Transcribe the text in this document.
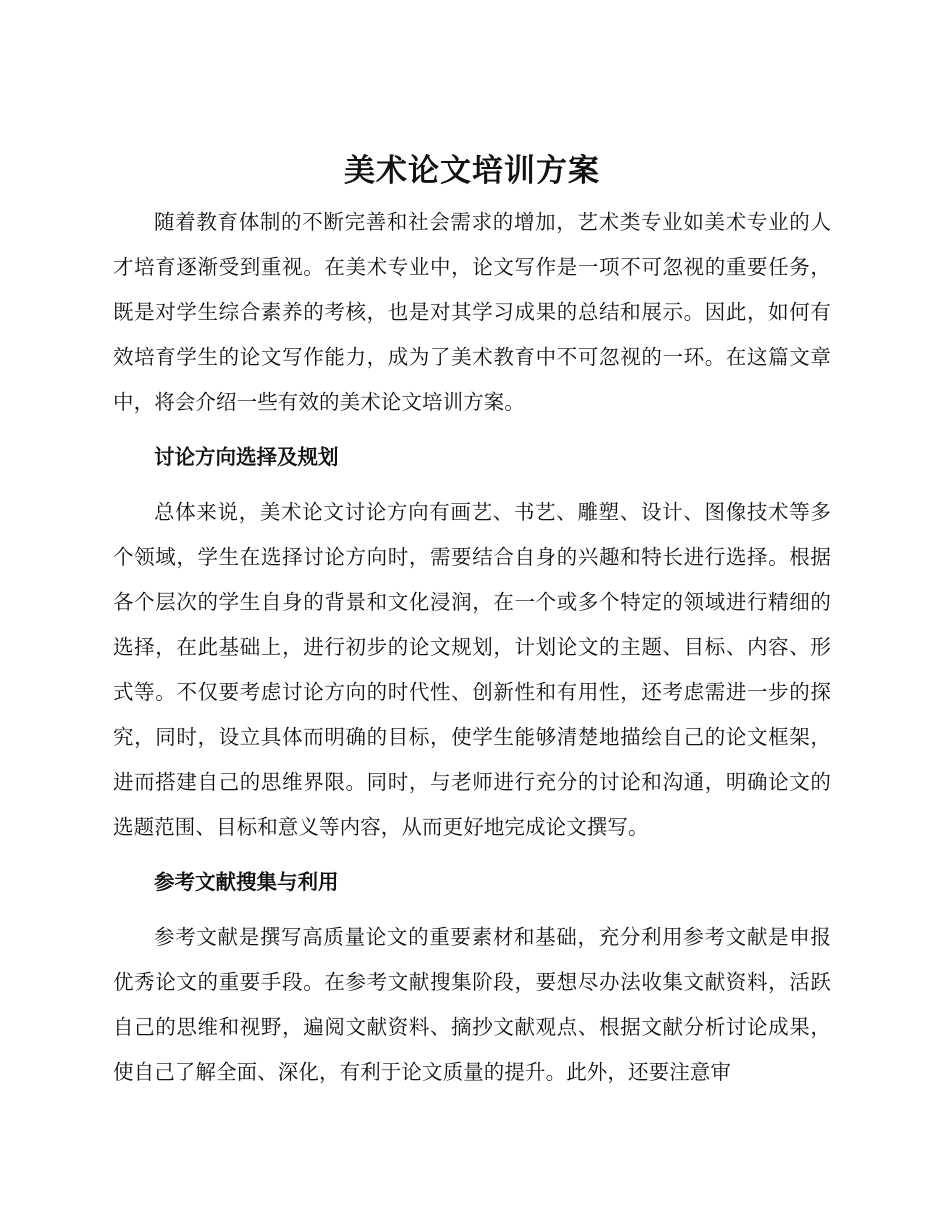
美术论文培训方案

随着教育体制的不断完善和社会需求的增加，艺术类专业如美术专业的人才培育逐渐受到重视。在美术专业中，论文写作是一项不可忽视的重要任务，既是对学生综合素养的考核，也是对其学习成果的总结和展示。因此，如何有效培育学生的论文写作能力，成为了美术教育中不可忽视的一环。在这篇文章中，将会介绍一些有效的美术论文培训方案。

讨论方向选择及规划

总体来说，美术论文讨论方向有画艺、书艺、雕塑、设计、图像技术等多个领域，学生在选择讨论方向时，需要结合自身的兴趣和特长进行选择。根据各个层次的学生自身的背景和文化浸润，在一个或多个特定的领域进行精细的选择，在此基础上，进行初步的论文规划，计划论文的主题、目标、内容、形式等。不仅要考虑讨论方向的时代性、创新性和有用性，还考虑需进一步的探究，同时，设立具体而明确的目标，使学生能够清楚地描绘自己的论文框架，进而搭建自己的思维界限。同时，与老师进行充分的讨论和沟通，明确论文的选题范围、目标和意义等内容，从而更好地完成论文撰写。

参考文献搜集与利用

参考文献是撰写高质量论文的重要素材和基础，充分利用参考文献是申报优秀论文的重要手段。在参考文献搜集阶段，要想尽办法收集文献资料，活跃自己的思维和视野，遍阅文献资料、摘抄文献观点、根据文献分析讨论成果，使自己了解全面、深化，有利于论文质量的提升。此外，还要注意审
